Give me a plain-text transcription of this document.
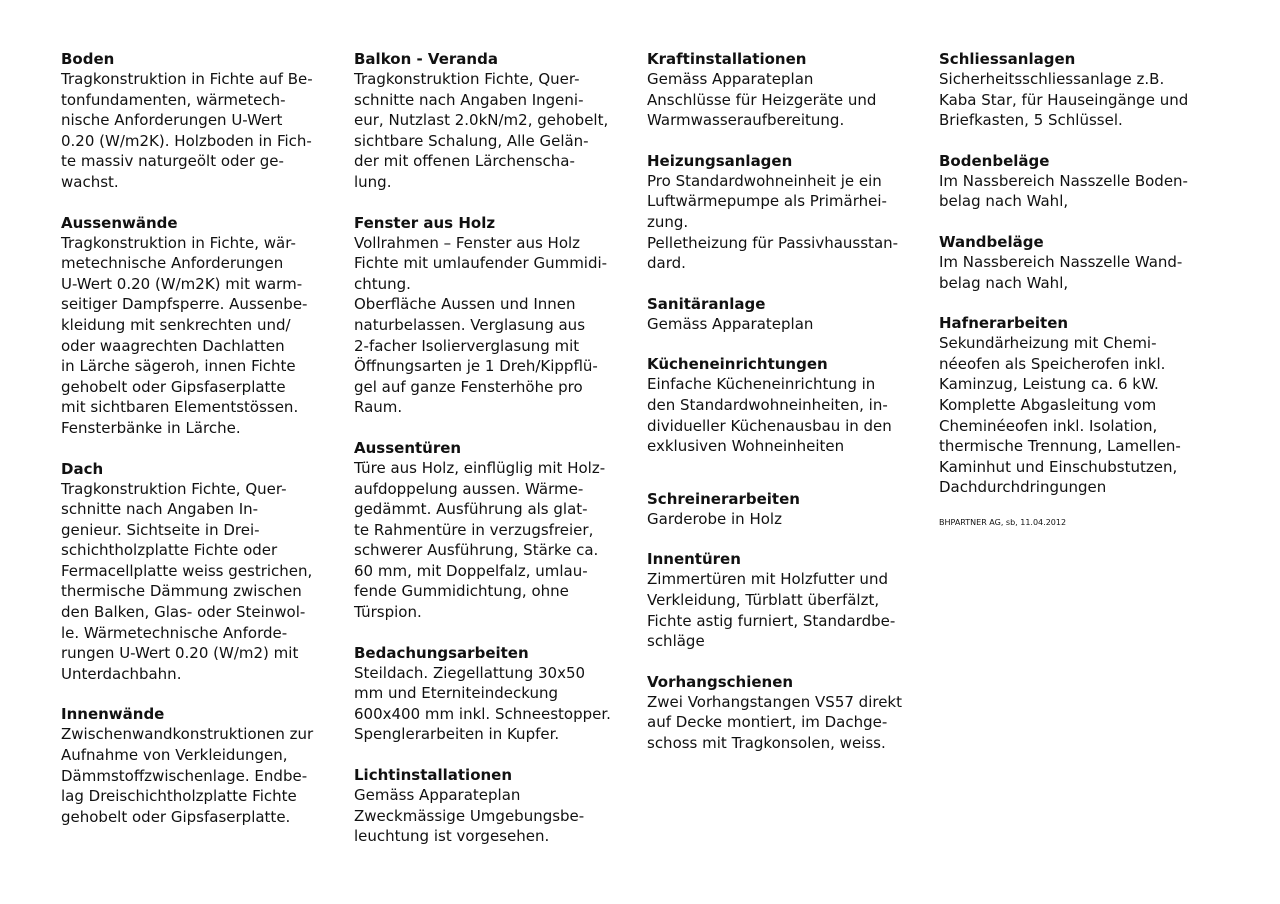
Boden

Tragkonstruktion in Fichte auf Be-
tonfundamenten, wärmetech-
nische Anforderungen U-Wert
0.20 (W/m2K). Holzboden in Fich-
te massiv naturgeölt oder ge-
wachst.

Aussenwände

Tragkonstruktion in Fichte, wär-
metechnische Anforderungen
U-Wert 0.20 (W/m2K) mit warm-
seitiger Dampfsperre. Aussenbe-
kleidung mit senkrechten und/
oder waagrechten Dachlatten
in Lärche sägeroh, innen Fichte
gehobelt oder Gipsfaserplatte
mit sichtbaren Elementstössen.
Fensterbänke in Lärche.

Dach

Tragkonstruktion Fichte, Quer-
schnitte nach Angaben In-
genieur. Sichtseite in Drei-
schichtholzplatte Fichte oder
Fermacellplatte weiss gestrichen,
thermische Dämmung zwischen
den Balken, Glas- oder Steinwol-
le. Wärmetechnische Anforde-
rungen U-Wert 0.20 (W/m2) mit
Unterdachbahn.

Innenwände

Zwischenwandkonstruktionen zur
Aufnahme von Verkleidungen,
Dämmstoffzwischenlage. Endbe-
lag Dreischichtholzplatte Fichte
gehobelt oder Gipsfaserplatte.

Balkon - Veranda

Tragkonstruktion Fichte, Quer-
schnitte nach Angaben Ingeni-
eur, Nutzlast 2.0kN/m2, gehobelt,
sichtbare Schalung, Alle Gelän-
der mit offenen Lärchenscha-
lung.

Fenster aus Holz

Vollrahmen – Fenster aus Holz
Fichte mit umlaufender Gummidi-
chtung.
Oberfläche Aussen und Innen
naturbelassen. Verglasung aus
2-facher Isolierverglasung mit
Öffnungsarten je 1 Dreh/Kippflü-
gel auf ganze Fensterhöhe pro
Raum.

Aussentüren

Türe aus Holz, einflüglig mit Holz-
aufdoppelung aussen. Wärme-
gedämmt. Ausführung als glat-
te Rahmentüre in verzugsfreier,
schwerer Ausführung, Stärke ca.
60 mm, mit Doppelfalz, umlau-
fende Gummidichtung, ohne
Türspion.

Bedachungsarbeiten

Steildach. Ziegellattung 30x50
mm und Eterniteindeckung
600x400 mm inkl. Schneestopper.
Spenglerarbeiten in Kupfer.

Lichtinstallationen

Gemäss Apparateplan
Zweckmässige Umgebungsbe-
leuchtung ist vorgesehen.

Kraftinstallationen

Gemäss Apparateplan
Anschlüsse für Heizgeräte und
Warmwasseraufbereitung.

Heizungsanlagen

Pro Standardwohneinheit je ein
Luftwärmepumpe als Primärhei-
zung.
Pelletheizung für Passivhausstan-
dard.

Sanitäranlage

Gemäss Apparateplan

Kücheneinrichtungen

Einfache Kücheneinrichtung in
den Standardwohneinheiten, in-
dividueller Küchenausbau in den
exklusiven Wohneinheiten

Schreinerarbeiten

Garderobe in Holz

Innentüren

Zimmertüren mit Holzfutter und
Verkleidung, Türblatt überfälzt,
Fichte astig furniert, Standardbe-
schläge

Vorhangschienen

Zwei Vorhangstangen VS57 direkt
auf Decke montiert, im Dachge-
schoss mit Tragkonsolen, weiss.

Schliessanlagen

Sicherheitsschliessanlage z.B.
Kaba Star, für Hauseingänge und
Briefkasten, 5 Schlüssel.

Bodenbeläge

Im Nassbereich Nasszelle Boden-
belag nach Wahl,

Wandbeläge

Im Nassbereich Nasszelle Wand-
belag nach Wahl,

Hafnerarbeiten

Sekundärheizung mit Chemi-
néeofen als Speicherofen inkl.
Kaminzug, Leistung ca. 6 kW.
Komplette Abgasleitung vom
Cheminéeofen inkl. Isolation,
thermische Trennung, Lamellen-
Kaminhut und Einschubstutzen,
Dachdurchdringungen

BHPARTNER AG, sb, 11.04.2012
